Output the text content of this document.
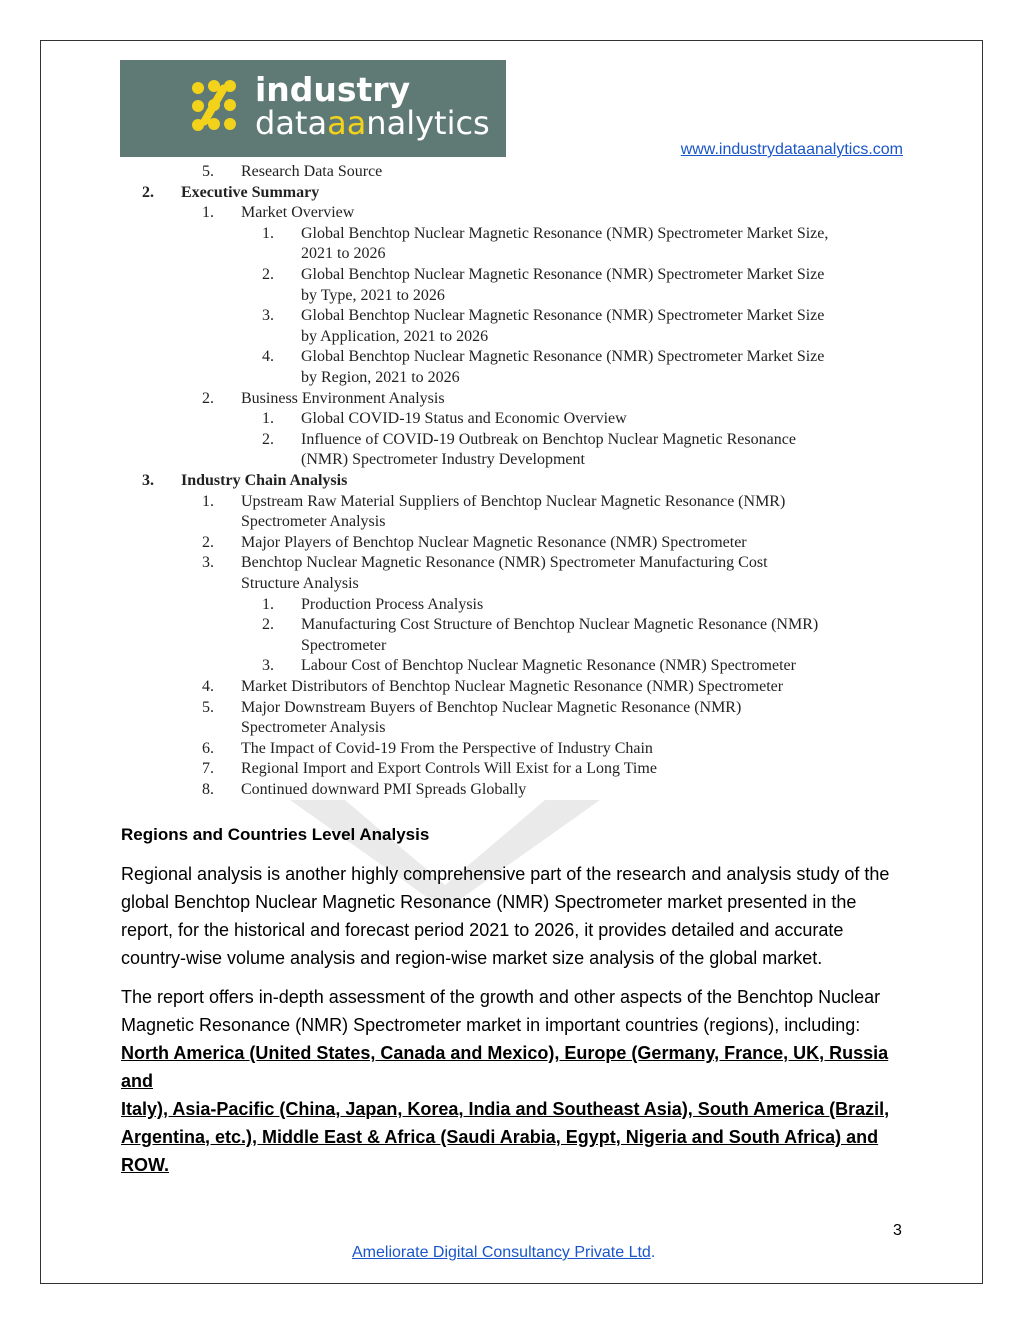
industry
dataaanalytics
www.industrydataanalytics.com
5. Research Data Source
2. Executive Summary
1. Market Overview
1. Global Benchtop Nuclear Magnetic Resonance (NMR) Spectrometer Market Size,
2021 to 2026
2. Global Benchtop Nuclear Magnetic Resonance (NMR) Spectrometer Market Size
by Type, 2021 to 2026
3. Global Benchtop Nuclear Magnetic Resonance (NMR) Spectrometer Market Size
by Application, 2021 to 2026
4. Global Benchtop Nuclear Magnetic Resonance (NMR) Spectrometer Market Size
by Region, 2021 to 2026
2. Business Environment Analysis
1. Global COVID-19 Status and Economic Overview
2. Influence of COVID-19 Outbreak on Benchtop Nuclear Magnetic Resonance
(NMR) Spectrometer Industry Development
3. Industry Chain Analysis
1. Upstream Raw Material Suppliers of Benchtop Nuclear Magnetic Resonance (NMR)
Spectrometer Analysis
2. Major Players of Benchtop Nuclear Magnetic Resonance (NMR) Spectrometer
3. Benchtop Nuclear Magnetic Resonance (NMR) Spectrometer Manufacturing Cost
Structure Analysis
1. Production Process Analysis
2. Manufacturing Cost Structure of Benchtop Nuclear Magnetic Resonance (NMR)
Spectrometer
3. Labour Cost of Benchtop Nuclear Magnetic Resonance (NMR) Spectrometer
4. Market Distributors of Benchtop Nuclear Magnetic Resonance (NMR) Spectrometer
5. Major Downstream Buyers of Benchtop Nuclear Magnetic Resonance (NMR)
Spectrometer Analysis
6. The Impact of Covid-19 From the Perspective of Industry Chain
7. Regional Import and Export Controls Will Exist for a Long Time
8. Continued downward PMI Spreads Globally
Regions and Countries Level Analysis
Regional analysis is another highly comprehensive part of the research and analysis study of the
global Benchtop Nuclear Magnetic Resonance (NMR) Spectrometer market presented in the
report, for the historical and forecast period 2021 to 2026, it provides detailed and accurate
country-wise volume analysis and region-wise market size analysis of the global market.
The report offers in-depth assessment of the growth and other aspects of the Benchtop Nuclear
Magnetic Resonance (NMR) Spectrometer market in important countries (regions), including:
North America (United States, Canada and Mexico), Europe (Germany, France, UK, Russia and
Italy), Asia-Pacific (China, Japan, Korea, India and Southeast Asia), South America (Brazil,
Argentina, etc.), Middle East & Africa (Saudi Arabia, Egypt, Nigeria and South Africa) and
ROW.
3
Ameliorate Digital Consultancy Private Ltd.
